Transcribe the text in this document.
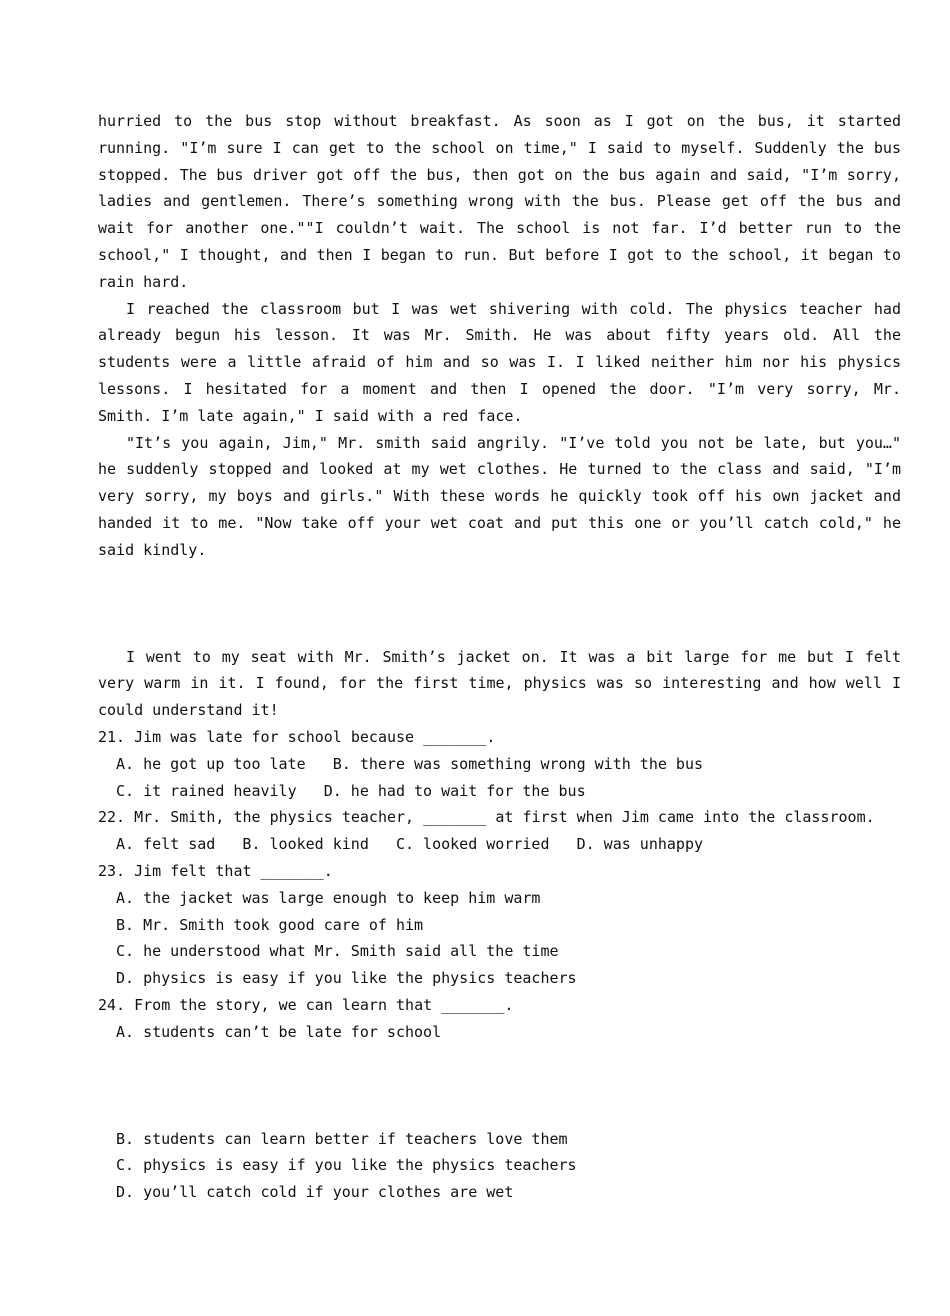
hurried to the bus stop without breakfast. As soon as I got on the bus, it started running. "I’m sure I can get to the school on time," I said to myself. Suddenly the bus stopped. The bus driver got off the bus, then got on the bus again and said, "I’m sorry, ladies and gentlemen. There’s something wrong with the bus. Please get off the bus and wait for another one.""I couldn’t wait. The school is not far. I’d better run to the school," I thought, and then I began to run. But before I got to the school, it began to rain hard.

I reached the classroom but I was wet shivering with cold. The physics teacher had already begun his lesson. It was Mr. Smith. He was about fifty years old. All the students were a little afraid of him and so was I. I liked neither him nor his physics lessons. I hesitated for a moment and then I opened the door. "I’m very sorry, Mr. Smith. I’m late again," I said with a red face.

"It’s you again, Jim," Mr. smith said angrily. "I’ve told you not be late, but you…" he suddenly stopped and looked at my wet clothes. He turned to the class and said, "I’m very sorry, my boys and girls." With these words he quickly took off his own jacket and handed it to me. "Now take off your wet coat and put this one or you’ll catch cold," he said kindly.

I went to my seat with Mr. Smith’s jacket on. It was a bit large for me but I felt very warm in it. I found, for the first time, physics was so interesting and how well I could understand it!

21. Jim was late for school because _______.

A. he got up too late   B. there was something wrong with the bus

C. it rained heavily   D. he had to wait for the bus

22. Mr. Smith, the physics teacher, _______ at first when Jim came into the classroom.

A. felt sad   B. looked kind   C. looked worried   D. was unhappy

23. Jim felt that _______.

A. the jacket was large enough to keep him warm

B. Mr. Smith took good care of him

C. he understood what Mr. Smith said all the time

D. physics is easy if you like the physics teachers

24. From the story, we can learn that _______.

A. students can’t be late for school

B. students can learn better if teachers love them

C. physics is easy if you like the physics teachers

D. you’ll catch cold if your clothes are wet
